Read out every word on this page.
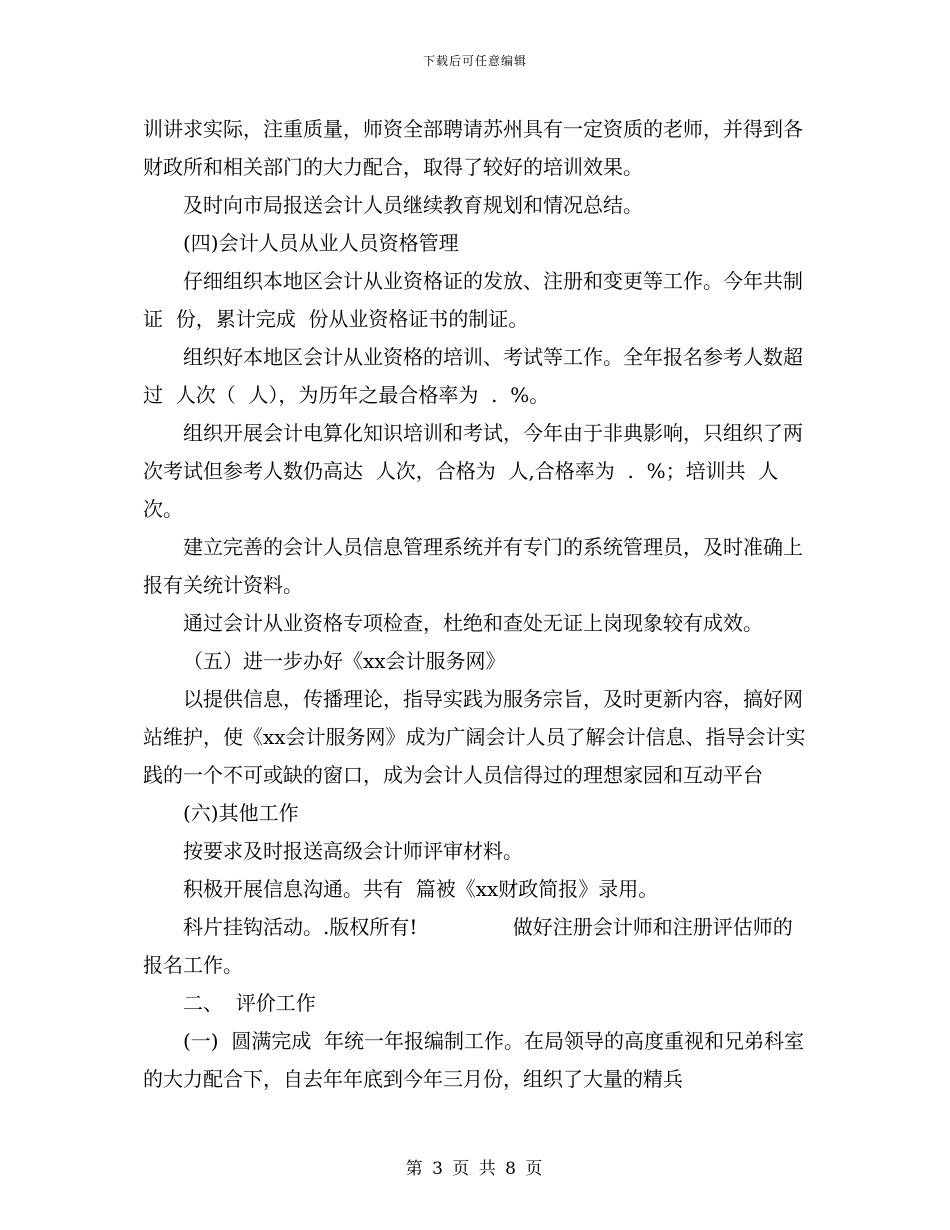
下载后可任意编辑

训讲求实际，注重质量，师资全部聘请苏州具有一定资质的老师，并得到各财政所和相关部门的大力配合，取得了较好的培训效果。

及时向市局报送会计人员继续教育规划和情况总结。

(四)会计人员从业人员资格管理

仔细组织本地区会计从业资格证的发放、注册和变更等工作。今年共制证  份，累计完成  份从业资格证书的制证。

组织好本地区会计从业资格的培训、考试等工作。全年报名参考人数超过  人次（  人），为历年之最合格率为  .  %。

组织开展会计电算化知识培训和考试，今年由于非典影响，只组织了两次考试但参考人数仍高达  人次，合格为  人,合格率为  .  %；培训共  人次。

建立完善的会计人员信息管理系统并有专门的系统管理员，及时准确上报有关统计资料。

通过会计从业资格专项检查，杜绝和查处无证上岗现象较有成效。

（五）进一步办好《xx会计服务网》

以提供信息，传播理论，指导实践为服务宗旨，及时更新内容，搞好网站维护，使《xx会计服务网》成为广阔会计人员了解会计信息、指导会计实践的一个不可或缺的窗口，成为会计人员信得过的理想家园和互动平台

(六)其他工作

按要求及时报送高级会计师评审材料。

积极开展信息沟通。共有  篇被《xx财政简报》录用。

科片挂钩活动。.版权所有!               做好注册会计师和注册评估师的报名工作。

二、  评价工作

(一)  圆满完成  年统一年报编制工作。在局领导的高度重视和兄弟科室的大力配合下，自去年年底到今年三月份，组织了大量的精兵

第 3 页 共 8 页
